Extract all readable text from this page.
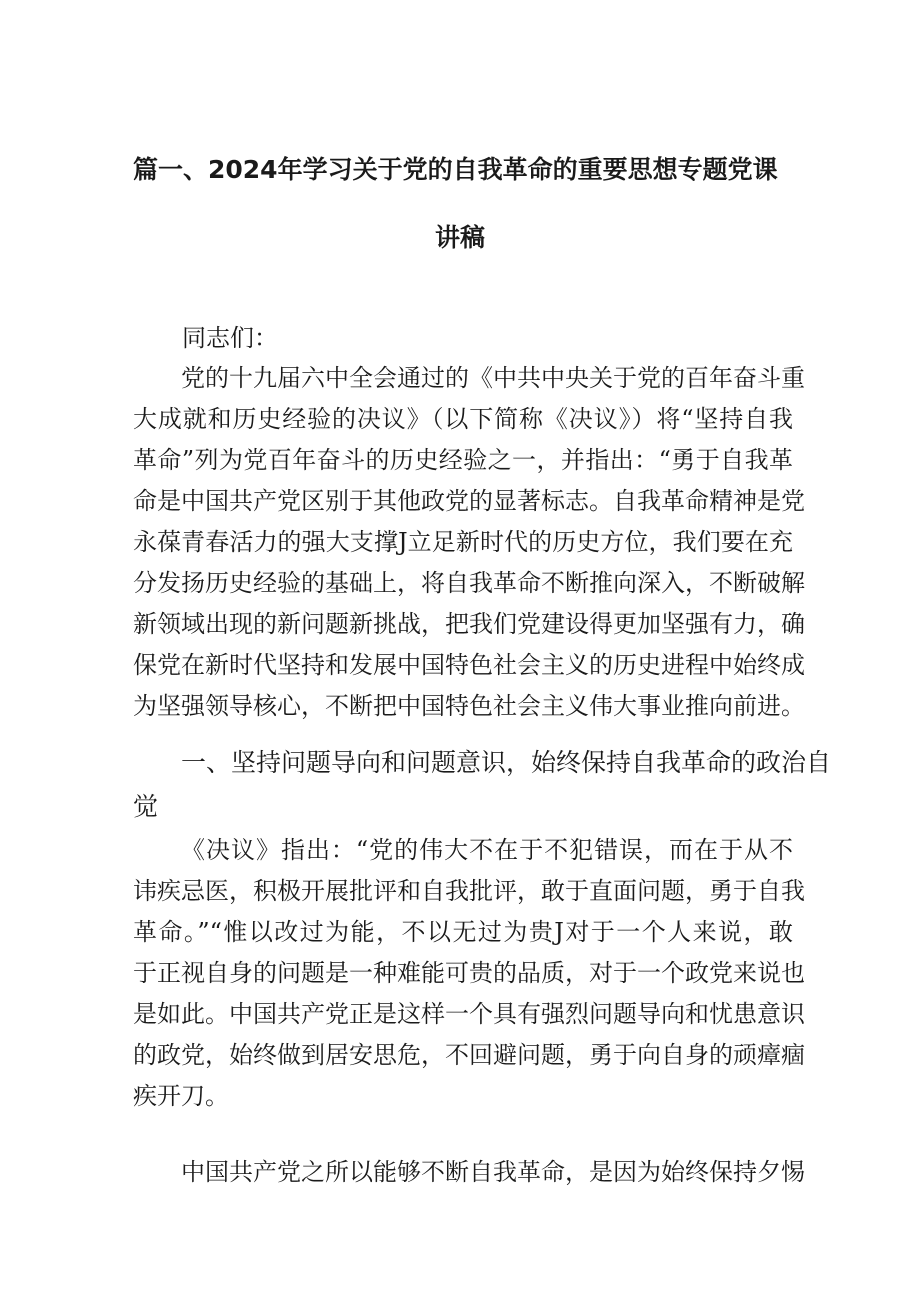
篇一、2024年学习关于党的自我革命的重要思想专题党课
讲稿
同志们：
党的十九届六中全会通过的《中共中央关于党的百年奋斗重
大成就和历史经验的决议》（以下简称《决议》）将“坚持自我
革命”列为党百年奋斗的历史经验之一，并指出：“勇于自我革
命是中国共产党区别于其他政党的显著标志。自我革命精神是党
永葆青春活力的强大支撑J立足新时代的历史方位，我们要在充
分发扬历史经验的基础上，将自我革命不断推向深入，不断破解
新领域出现的新问题新挑战，把我们党建设得更加坚强有力，确
保党在新时代坚持和发展中国特色社会主义的历史进程中始终成
为坚强领导核心，不断把中国特色社会主义伟大事业推向前进。
一、坚持问题导向和问题意识，始终保持自我革命的政治自
觉
《决议》指出：“党的伟大不在于不犯错误，而在于从不
讳疾忌医，积极开展批评和自我批评，敢于直面问题，勇于自我
革命。”“惟以改过为能，不以无过为贵J对于一个人来说，敢
于正视自身的问题是一种难能可贵的品质，对于一个政党来说也
是如此。中国共产党正是这样一个具有强烈问题导向和忧患意识
的政党，始终做到居安思危，不回避问题，勇于向自身的顽瘴痼
疾开刀。
中国共产党之所以能够不断自我革命，是因为始终保持夕惕
